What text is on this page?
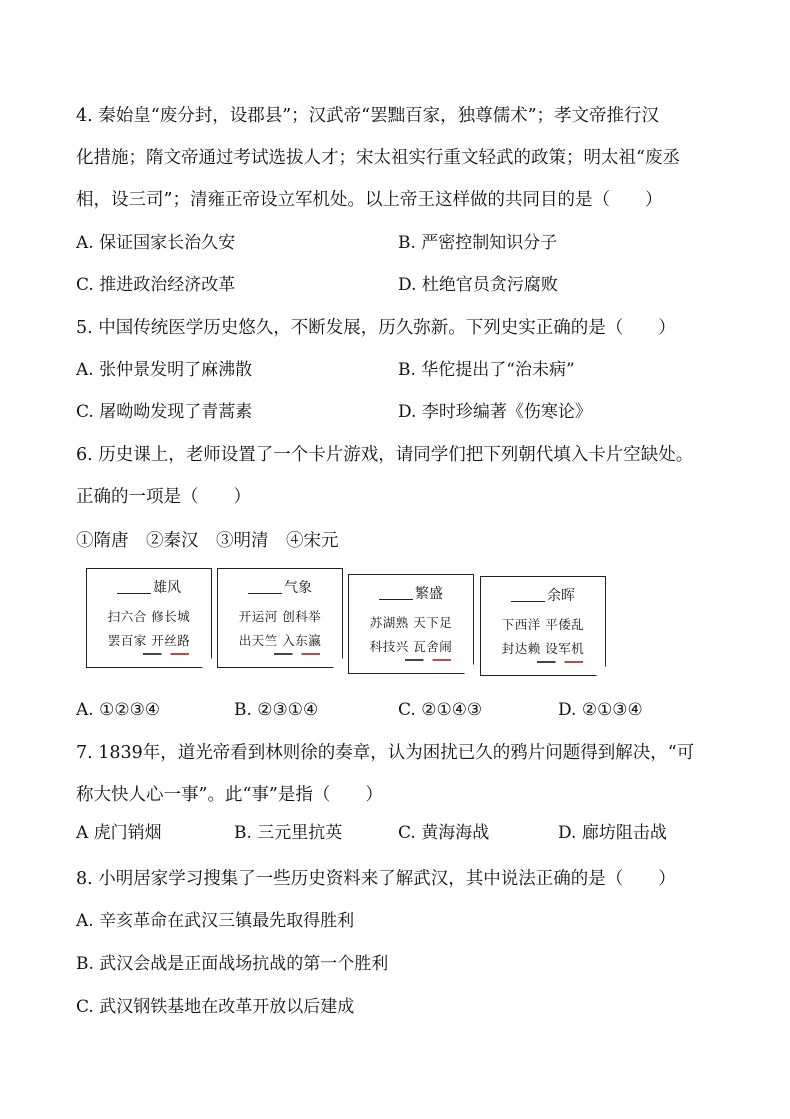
4. 秦始皇“废分封，设郡县”；汉武帝“罢黜百家，独尊儒术”；孝文帝推行汉
化措施；隋文帝通过考试选拔人才；宋太祖实行重文轻武的政策；明太祖“废丞
相，设三司”；清雍正帝设立军机处。以上帝王这样做的共同目的是（　　）
A. 保证国家长治久安	B. 严密控制知识分子
C. 推进政治经济改革	D. 杜绝官员贪污腐败
5. 中国传统医学历史悠久，不断发展，历久弥新。下列史实正确的是（　　）
A. 张仲景发明了麻沸散	B. 华佗提出了“治未病”
C. 屠呦呦发现了青蒿素	D. 李时珍编著《伤寒论》
6. 历史课上，老师设置了一个卡片游戏，请同学们把下列朝代填入卡片空缺处。
正确的一项是（　　）
①隋唐　②秦汉　③明清　④宋元
雄风
扫六合 修长城
罢百家 开丝路
气象
开运河 创科举
出天竺 入东瀛
繁盛
苏湖熟 天下足
科技兴 瓦舍闹
余晖
下西洋 平倭乱
封达赖 设军机
A. ①②③④	B. ②③①④	C. ②①④③	D. ②①③④
7. 1839年，道光帝看到林则徐的奏章，认为困扰已久的鸦片问题得到解决，“可
称大快人心一事”。此“事”是指（　　）
A 虎门销烟	B. 三元里抗英	C. 黄海海战	D. 廊坊阻击战
8. 小明居家学习搜集了一些历史资料来了解武汉，其中说法正确的是（　　）
A. 辛亥革命在武汉三镇最先取得胜利
B. 武汉会战是正面战场抗战的第一个胜利
C. 武汉钢铁基地在改革开放以后建成
